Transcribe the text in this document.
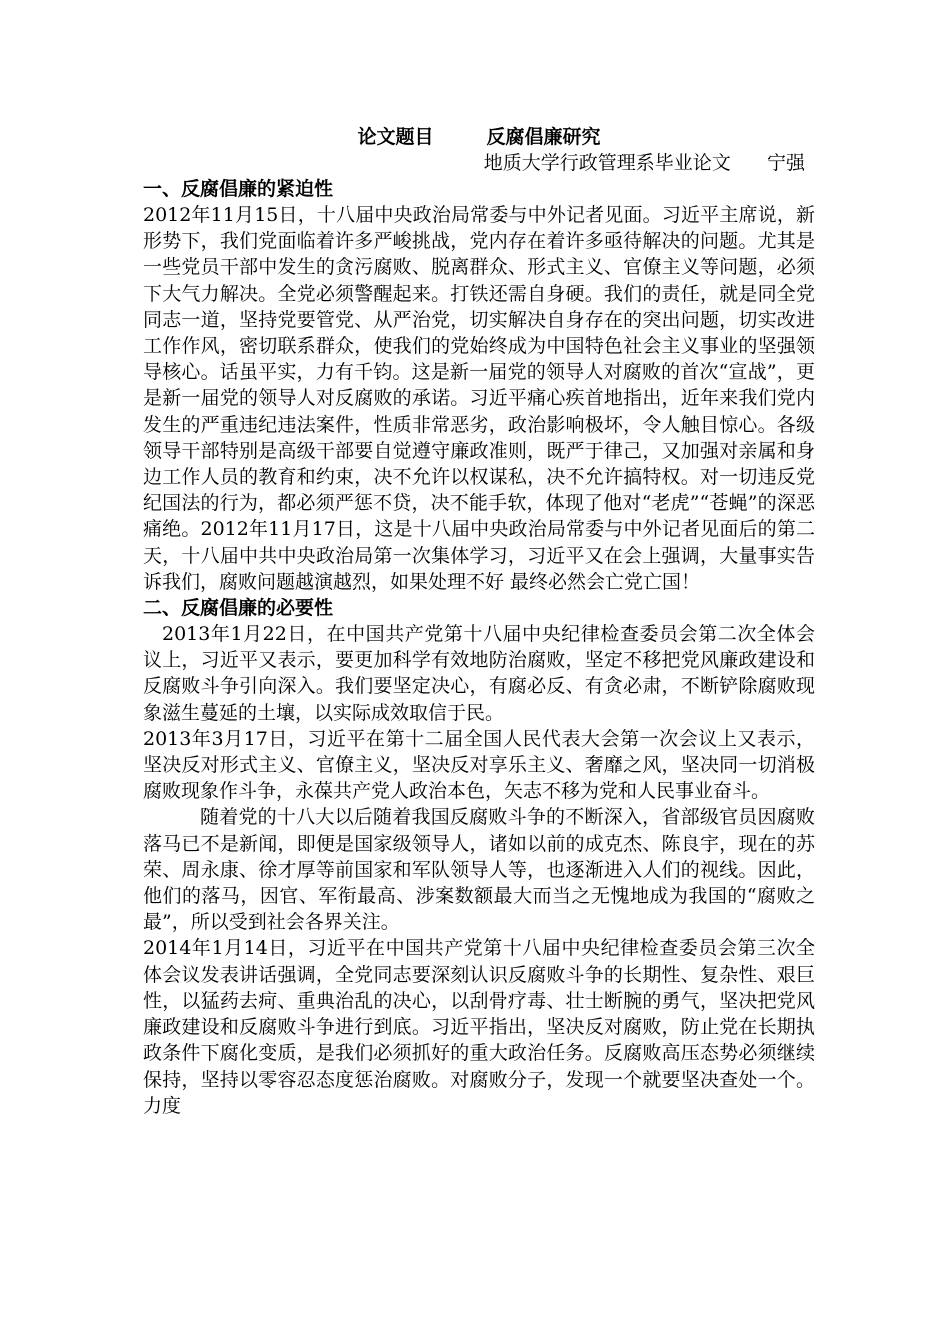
论文题目	反腐倡廉研究
地质大学行政管理系毕业论文 宁强
一、反腐倡廉的紧迫性

2012年11月15日，十八届中央政治局常委与中外记者见面。习近平主席说，新形势下，我们党面临着许多严峻挑战，党内存在着许多亟待解决的问题。尤其是一些党员干部中发生的贪污腐败、脱离群众、形式主义、官僚主义等问题，必须下大气力解决。全党必须警醒起来。打铁还需自身硬。我们的责任，就是同全党同志一道，坚持党要管党、从严治党，切实解决自身存在的突出问题，切实改进工作作风，密切联系群众，使我们的党始终成为中国特色社会主义事业的坚强领导核心。话虽平实，力有千钧。这是新一届党的领导人对腐败的首次“宣战”，更是新一届党的领导人对反腐败的承诺。习近平痛心疾首地指出，近年来我们党内发生的严重违纪违法案件，性质非常恶劣，政治影响极坏，令人触目惊心。各级领导干部特别是高级干部要自觉遵守廉政准则，既严于律己，又加强对亲属和身边工作人员的教育和约束，决不允许以权谋私，决不允许搞特权。对一切违反党纪国法的行为，都必须严惩不贷，决不能手软，体现了他对“老虎”“苍蝇”的深恶痛绝。2012年11月17日，这是十八届中央政治局常委与中外记者见面后的第二天，十八届中共中央政治局第一次集体学习，习近平又在会上强调，大量事实告诉我们，腐败问题越演越烈，如果处理不好 最终必然会亡党亡国！

二、反腐倡廉的必要性

2013年1月22日，在中国共产党第十八届中央纪律检查委员会第二次全体会议上，习近平又表示，要更加科学有效地防治腐败，坚定不移把党风廉政建设和反腐败斗争引向深入。我们要坚定决心，有腐必反、有贪必肃，不断铲除腐败现象滋生蔓延的土壤，以实际成效取信于民。

2013年3月17日，习近平在第十二届全国人民代表大会第一次会议上又表示，坚决反对形式主义、官僚主义，坚决反对享乐主义、奢靡之风，坚决同一切消极腐败现象作斗争，永葆共产党人政治本色，矢志不移为党和人民事业奋斗。

随着党的十八大以后随着我国反腐败斗争的不断深入，省部级官员因腐败落马已不是新闻，即便是国家级领导人，诸如以前的成克杰、陈良宇，现在的苏荣、周永康、徐才厚等前国家和军队领导人等，也逐渐进入人们的视线。因此，他们的落马，因官、军衔最高、涉案数额最大而当之无愧地成为我国的“腐败之最”，所以受到社会各界关注。

2014年1月14日，习近平在中国共产党第十八届中央纪律检查委员会第三次全体会议发表讲话强调，全党同志要深刻认识反腐败斗争的长期性、复杂性、艰巨性，以猛药去疴、重典治乱的决心，以刮骨疗毒、壮士断腕的勇气，坚决把党风廉政建设和反腐败斗争进行到底。习近平指出，坚决反对腐败，防止党在长期执政条件下腐化变质，是我们必须抓好的重大政治任务。反腐败高压态势必须继续保持，坚持以零容忍态度惩治腐败。对腐败分子，发现一个就要坚决查处一个。力度
